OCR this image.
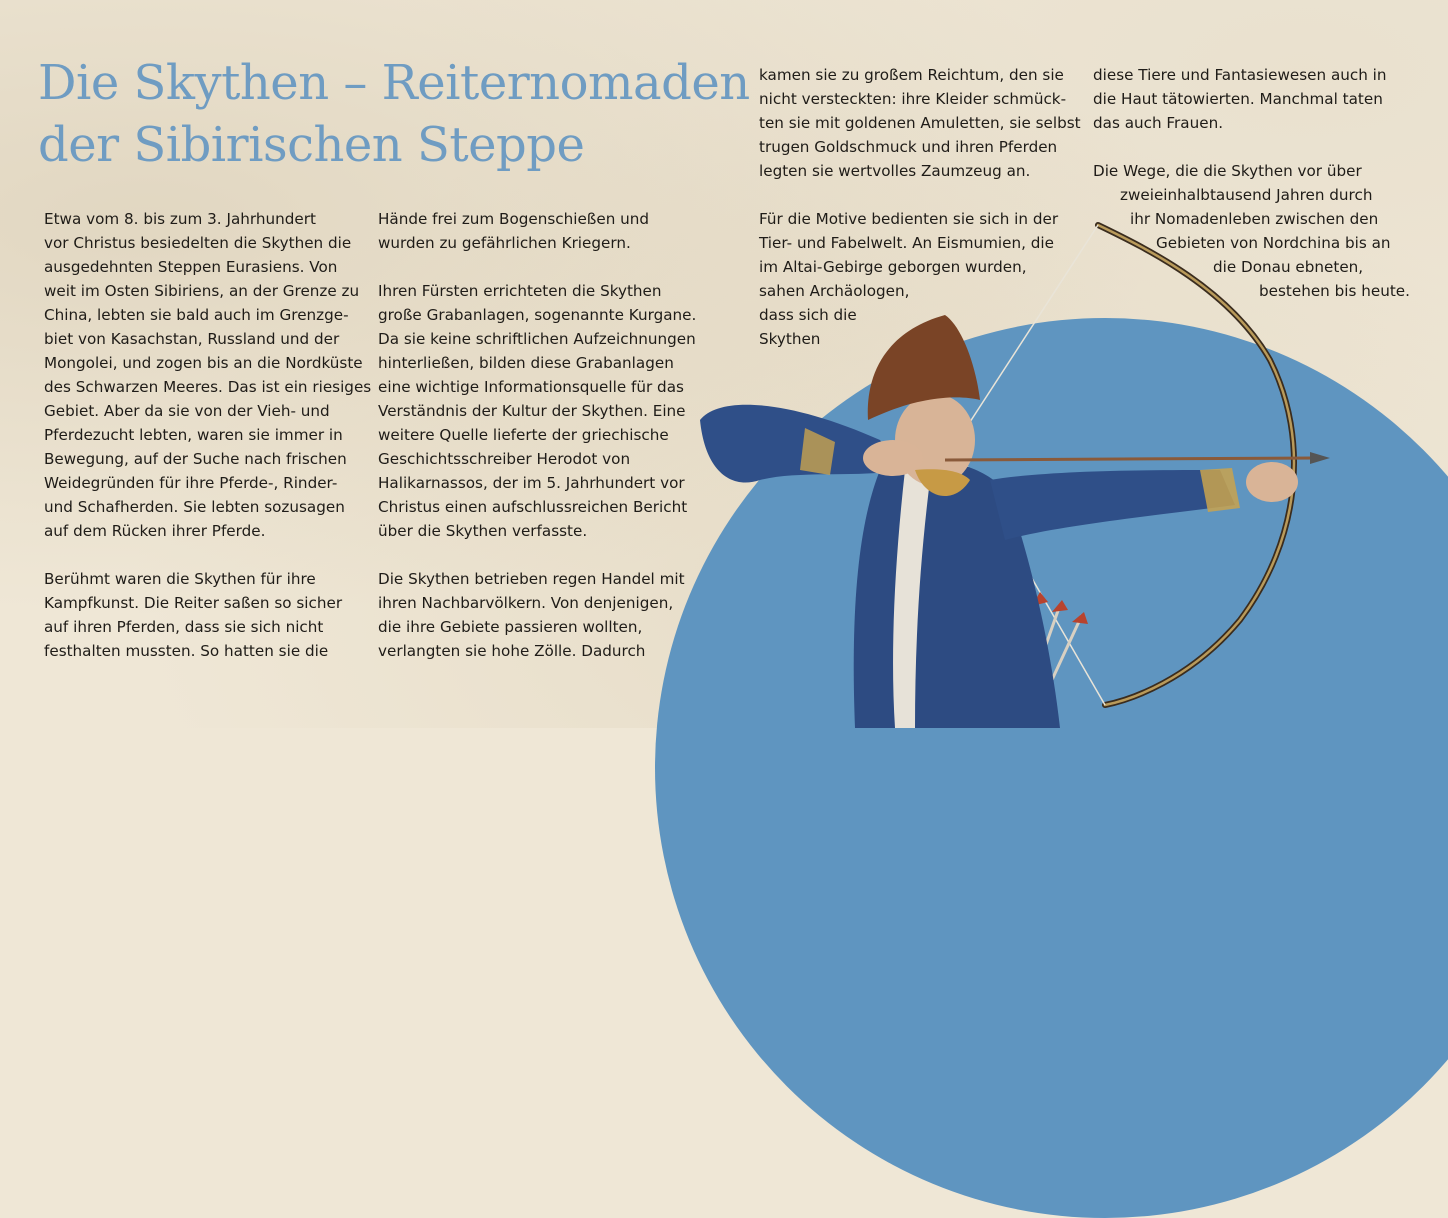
Die Skythen – Reiternomaden
der Sibirischen Steppe

Etwa vom 8. bis zum 3. Jahrhundert
vor Christus besiedelten die Skythen die
ausgedehnten Steppen Eurasiens. Von
weit im Osten Sibiriens, an der Grenze zu
China, lebten sie bald auch im Grenzge-
biet von Kasachstan, Russland und der
Mongolei, und zogen bis an die Nordküste
des Schwarzen Meeres. Das ist ein riesiges
Gebiet. Aber da sie von der Vieh- und
Pferdezucht lebten, waren sie immer in
Bewegung, auf der Suche nach frischen
Weidegründen für ihre Pferde-, Rinder-
und Schafherden. Sie lebten sozusagen
auf dem Rücken ihrer Pferde.

Berühmt waren die Skythen für ihre
Kampfkunst. Die Reiter saßen so sicher
auf ihren Pferden, dass sie sich nicht
festhalten mussten. So hatten sie die

Hände frei zum Bogenschießen und
wurden zu gefährlichen Kriegern.

Ihren Fürsten errichteten die Skythen
große Grabanlagen, sogenannte Kurgane.
Da sie keine schriftlichen Aufzeichnungen
hinterließen, bilden diese Grabanlagen
eine wichtige Informationsquelle für das
Verständnis der Kultur der Skythen. Eine
weitere Quelle lieferte der griechische
Geschichtsschreiber Herodot von
Halikarnassos, der im 5. Jahrhundert vor
Christus einen aufschlussreichen Bericht
über die Skythen verfasste.

Die Skythen betrieben regen Handel mit
ihren Nachbarvölkern. Von denjenigen,
die ihre Gebiete passieren wollten,
verlangten sie hohe Zölle. Dadurch

kamen sie zu großem Reichtum, den sie
nicht versteckten: ihre Kleider schmück-
ten sie mit goldenen Amuletten, sie selbst
trugen Goldschmuck und ihren Pferden
legten sie wertvolles Zaumzeug an.

Für die Motive bedienten sie sich in der
Tier- und Fabelwelt. An Eismumien, die
im Altai-Gebirge geborgen wurden,
sahen Archäologen,
dass sich die
Skythen

diese Tiere und Fantasiewesen auch in
die Haut tätowierten. Manchmal taten
das auch Frauen.

Die Wege, die die Skythen vor über
zweieinhalbtausend Jahren durch
ihr Nomadenleben zwischen den
Gebieten von Nordchina bis an
die Donau ebneten,
bestehen bis heute.
